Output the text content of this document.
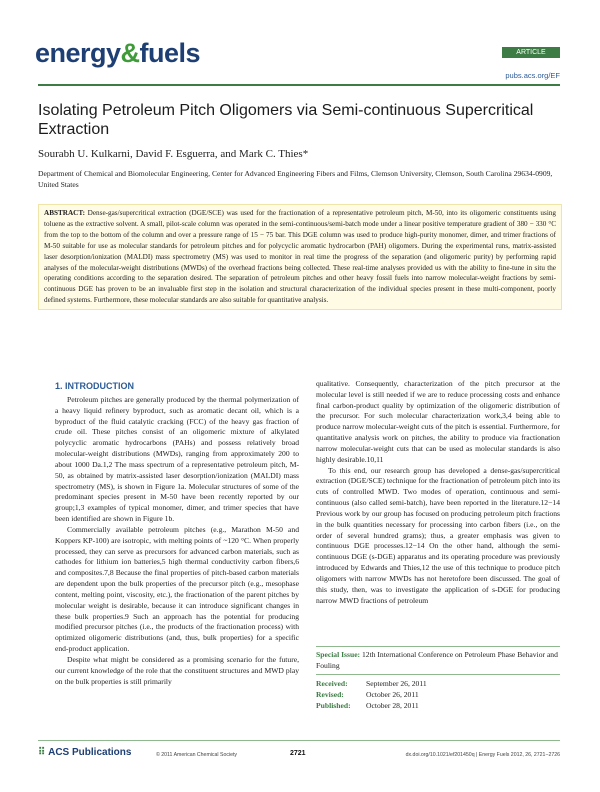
energy&fuels	ARTICLE
pubs.acs.org/EF
Isolating Petroleum Pitch Oligomers via Semi-continuous Supercritical Extraction
Sourabh U. Kulkarni, David F. Esguerra, and Mark C. Thies*
Department of Chemical and Biomolecular Engineering, Center for Advanced Engineering Fibers and Films, Clemson University, Clemson, South Carolina 29634-0909, United States
ABSTRACT: Dense-gas/supercritical extraction (DGE/SCE) was used for the fractionation of a representative petroleum pitch, M-50, into its oligomeric constituents using toluene as the extractive solvent. A small, pilot-scale column was operated in the semi-continuous/semi-batch mode under a linear positive temperature gradient of 380 − 330 °C from the top to the bottom of the column and over a pressure range of 15 − 75 bar. This DGE column was used to produce high-purity monomer, dimer, and trimer fractions of M-50 suitable for use as molecular standards for petroleum pitches and for polycyclic aromatic hydrocarbon (PAH) oligomers. During the experimental runs, matrix-assisted laser desorption/ionization (MALDI) mass spectrometry (MS) was used to monitor in real time the progress of the separation (and oligomeric purity) by performing rapid analyses of the molecular-weight distributions (MWDs) of the overhead fractions being collected. These real-time analyses provided us with the ability to fine-tune in situ the operating conditions according to the separation desired. The separation of petroleum pitches and other heavy fossil fuels into narrow molecular-weight fractions by semi-continuous DGE has proven to be an invaluable first step in the isolation and structural characterization of the individual species present in these multi-component, poorly defined systems. Furthermore, these molecular standards are also suitable for quantitative analysis.
1. INTRODUCTION

Petroleum pitches are generally produced by the thermal polymerization of a heavy liquid refinery byproduct, such as aromatic decant oil, which is a byproduct of the fluid catalytic cracking (FCC) of the heavy gas fraction of crude oil. These pitches consist of an oligomeric mixture of alkylated polycyclic aromatic hydrocarbons (PAHs) and possess relatively broad molecular-weight distributions (MWDs), ranging from approximately 200 to about 1000 Da.1,2 The mass spectrum of a representative petroleum pitch, M-50, as obtained by matrix-assisted laser desorption/ionization (MALDI) mass spectrometry (MS), is shown in Figure 1a. Molecular structures of some of the predominant species present in M-50 have been recently reported by our group;1,3 examples of typical monomer, dimer, and trimer species that have been identified are shown in Figure 1b.

Commercially available petroleum pitches (e.g., Marathon M-50 and Koppers KP-100) are isotropic, with melting points of ~120 °C. When properly processed, they can serve as precursors for advanced carbon materials, such as cathodes for lithium ion batteries,5 high thermal conductivity carbon fibers,6 and composites.7,8 Because the final properties of pitch-based carbon materials are dependent upon the bulk properties of the precursor pitch (e.g., mesophase content, melting point, viscosity, etc.), the fractionation of the parent pitches by molecular weight is desirable, because it can introduce significant changes in these bulk properties.9 Such an approach has the potential for producing modified precursor pitches (i.e., the products of the fractionation process) with optimized oligomeric distributions (and, thus, bulk properties) for a specific end-product application.

Despite what might be considered as a promising scenario for the future, our current knowledge of the role that the constituent structures and MWD play on the bulk properties is still primarily

qualitative. Consequently, characterization of the pitch precursor at the molecular level is still needed if we are to reduce processing costs and enhance final carbon-product quality by optimization of the oligomeric distribution of the precursor. For such molecular characterization work,3,4 being able to produce narrow molecular-weight cuts of the pitch is essential. Furthermore, for quantitative analysis work on pitches, the ability to produce via fractionation narrow molecular-weight cuts that can be used as molecular standards is also highly desirable.10,11

To this end, our research group has developed a dense-gas/supercritical extraction (DGE/SCE) technique for the fractionation of petroleum pitch into its cuts of controlled MWD. Two modes of operation, continuous and semi-continuous (also called semi-batch), have been reported in the literature.12−14 Previous work by our group has focused on producing petroleum pitch fractions in the bulk quantities necessary for processing into carbon fibers (i.e., on the order of several hundred grams); thus, a greater emphasis was given to continuous DGE processes.12−14 On the other hand, although the semi-continuous DGE (s-DGE) apparatus and its operating procedure was previously introduced by Edwards and Thies,12 the use of this technique to produce pitch oligomers with narrow MWDs has not heretofore been discussed. The goal of this study, then, was to investigate the application of s-DGE for producing narrow MWD fractions of petroleum

Special Issue: 12th International Conference on Petroleum Phase Behavior and Fouling
Received:	September 26, 2011
Revised:	October 26, 2011
Published:	October 28, 2011
⠿ ACS Publications	© 2011 American Chemical Society	2721	dx.doi.org/10.1021/ef201450q | Energy Fuels 2012, 26, 2721−2726
